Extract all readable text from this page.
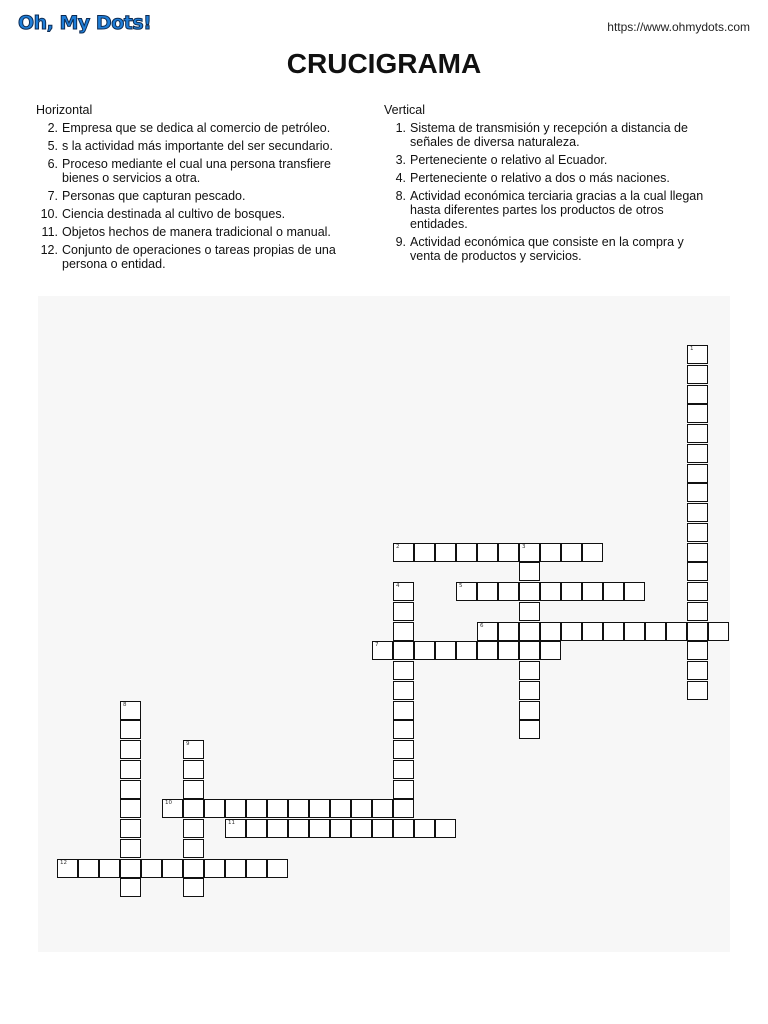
Oh, My Dots!	https://www.ohmydots.com
CRUCIGRAMA
Horizontal
2. Empresa que se dedica al comercio de petróleo.
5. s la actividad más importante del ser secundario.
6. Proceso mediante el cual una persona transfiere bienes o servicios a otra.
7. Personas que capturan pescado.
10. Ciencia destinada al cultivo de bosques.
11. Objetos hechos de manera tradicional o manual.
12. Conjunto de operaciones o tareas propias de una persona o entidad.
Vertical
1. Sistema de transmisión y recepción a distancia de señales de diversa naturaleza.
3. Perteneciente o relativo al Ecuador.
4. Perteneciente o relativo a dos o más naciones.
8. Actividad económica terciaria gracias a la cual llegan hasta diferentes partes los productos de otros entidades.
9. Actividad económica que consiste en la compra y venta de productos y servicios.
1
2	3
4	5
6
7
8
9
10
11
12
